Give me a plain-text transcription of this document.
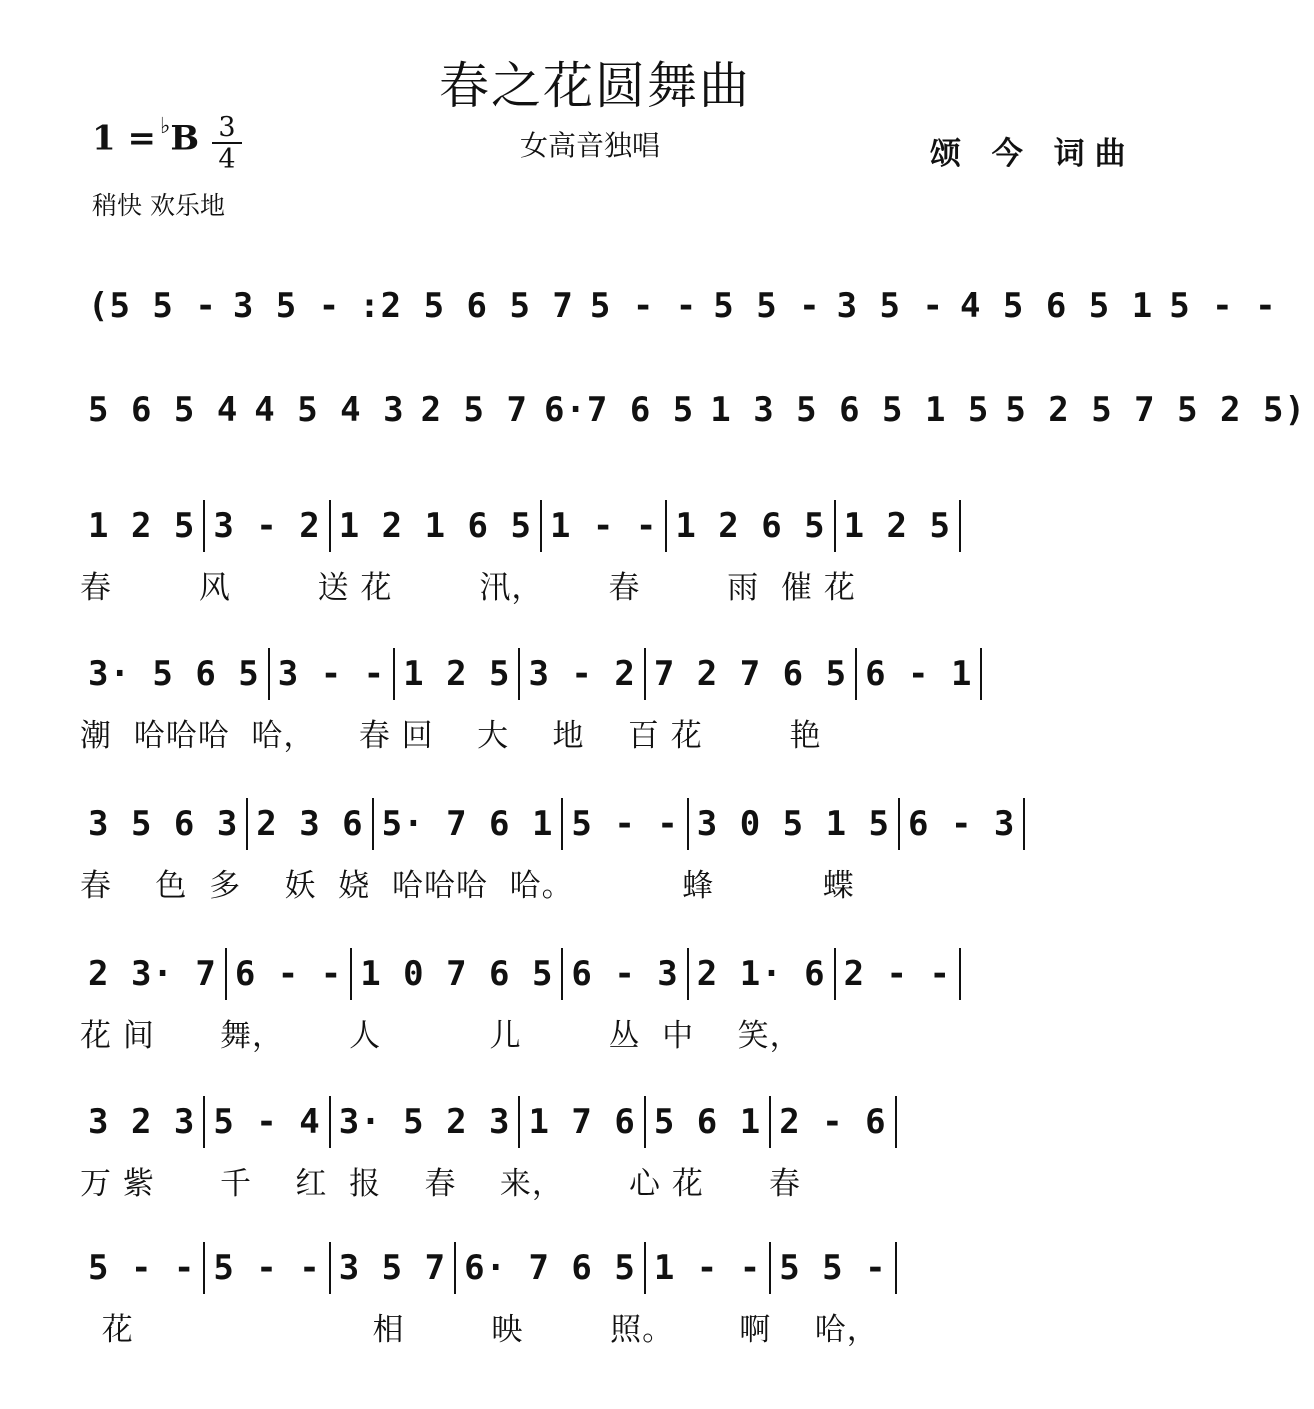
春之花圆舞曲
1 = ♭B 3
4	女高音独唱	颂 今 词曲
稍快 欢乐地
(5 5 - 3 5 - :2 5 6 5 7 5 - - 5 5 - 3 5 - 4 5 6 5 1 5 - -
5 6 5 4 4 5 4 3 2 5 7 6·7 6 5 1 3 5 6 5 1 5 5 2 5 7 5 2 5)
1 2 5 3 - 2 1 2 1 6 5 1 - - 1 2 6 5 1 2 5
春        风        送 花        汛，      春        雨  催 花
3· 5 6 5 3 - - 1 2 5 3 - 2 7 2 7 6 5 6 - 1
潮  哈哈哈  哈，    春 回    大    地    百 花        艳
3 5 6 3 2 3 6 5· 7 6 1 5 - - 3 0 5 1 5 6 - 3
春    色  多    妖  娆  哈哈哈  哈。          蜂          蝶
2 3· 7 6 - - 1 0 7 6 5 6 - 3 2 1· 6 2 - -
花 间      舞，      人          儿        丛  中    笑，
3 2 3 5 - 4 3· 5 2 3 1 7 6 5 6 1 2 - 6
万 紫      千    红  报    春    来，      心 花      春
5 - - 5 - - 3 5 7 6· 7 6 5 1 - - 5 5 -
花                      相        映        照。      啊    哈，
